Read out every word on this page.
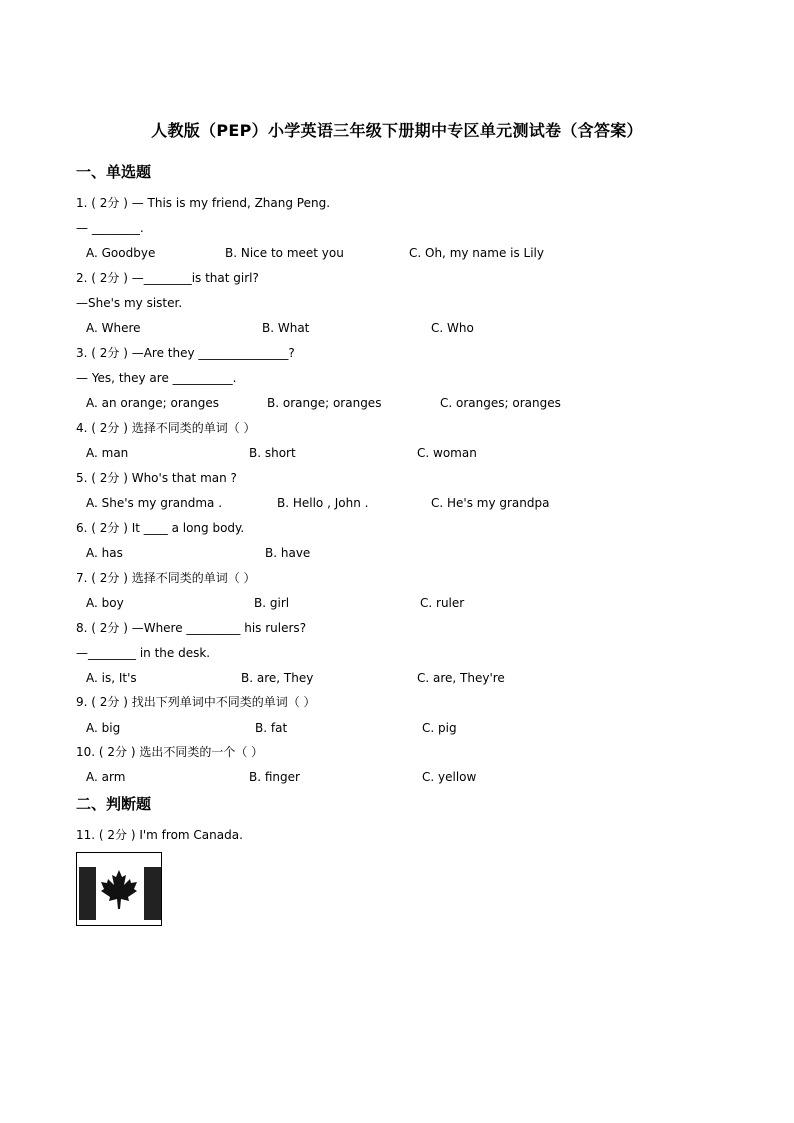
人教版（PEP）小学英语三年级下册期中专区单元测试卷（含答案）
一、单选题
1. ( 2分 ) — This is my friend, Zhang Peng.
— ________.
A. Goodbye	B. Nice to meet you	C. Oh, my name is Lily
2. ( 2分 ) —________is that girl?
—She's my sister.
A. Where	B. What	C. Who
3. ( 2分 ) —Are they _______________?
— Yes, they are __________.
A. an orange; oranges	B. orange; oranges	C. oranges; oranges
4. ( 2分 ) 选择不同类的单词（ ）
A. man	B. short	C. woman
5. ( 2分 ) Who's that man ?
A. She's my grandma .	B. Hello , John .	C. He's my grandpa
6. ( 2分 ) It ____ a long body.
A. has	B. have
7. ( 2分 ) 选择不同类的单词（ ）
A. boy	B. girl	C. ruler
8. ( 2分 ) —Where _________ his rulers?
—________ in the desk.
A. is, It's	B. are, They	C. are, They're
9. ( 2分 ) 找出下列单词中不同类的单词（ ）
A. big	B. fat	C. pig
10. ( 2分 ) 选出不同类的一个（ ）
A. arm	B. finger	C. yellow
二、判断题
11. ( 2分 ) I'm from Canada.
